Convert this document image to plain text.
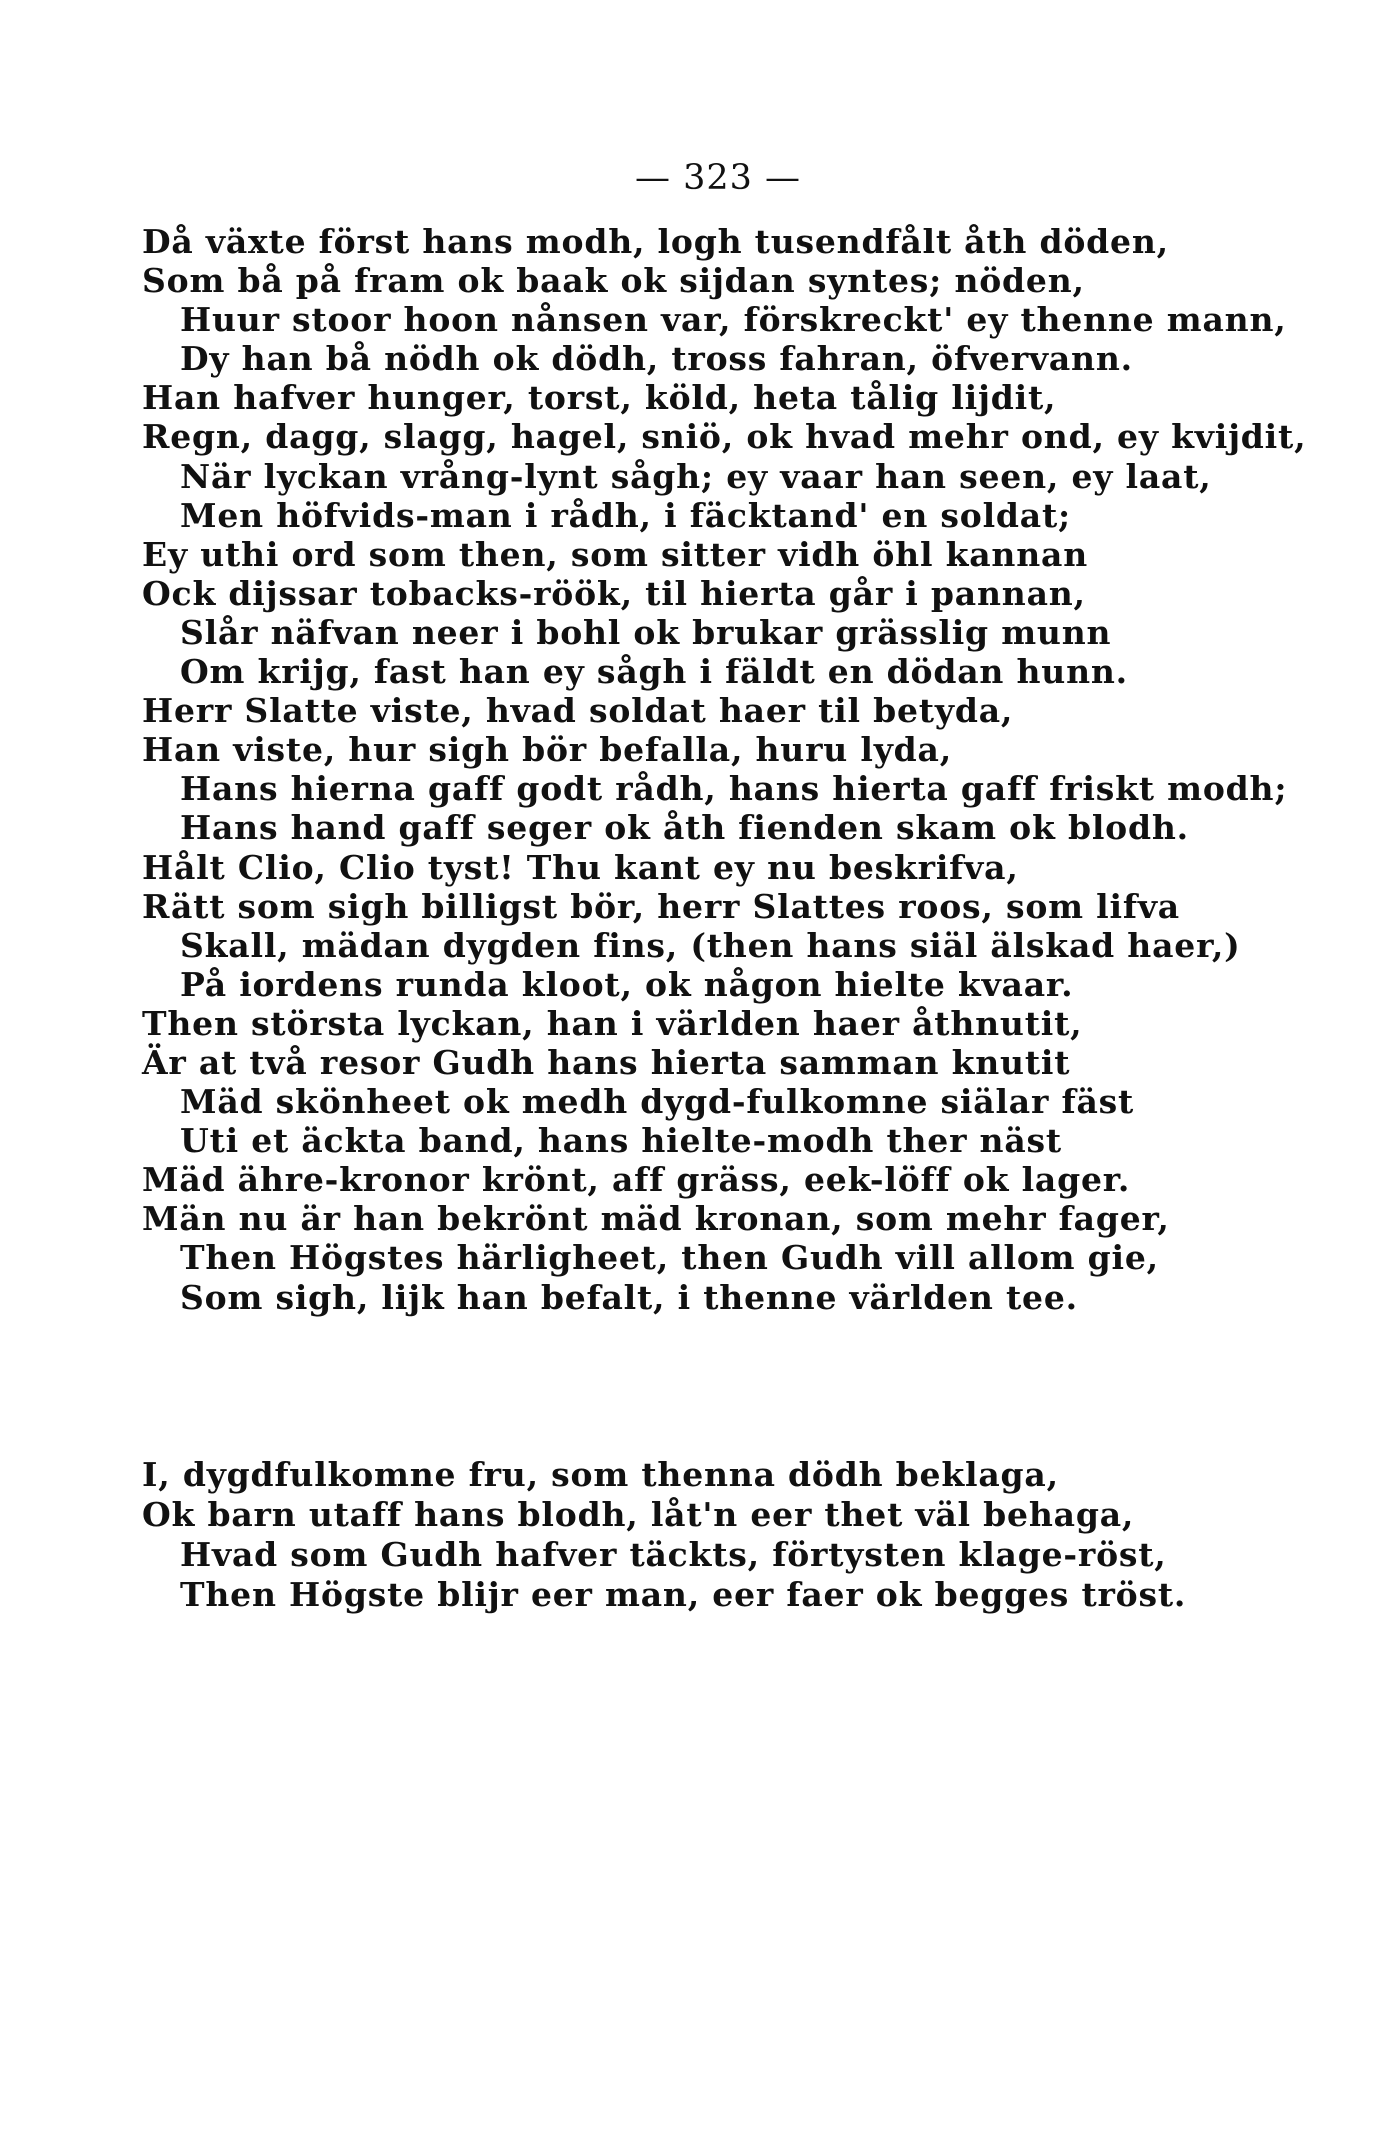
— 323 —
Då växte först hans modh, logh tusendfålt åth döden,
Som bå på fram ok baak ok sijdan syntes; nöden,
Huur stoor hoon nånsen var, förskreckt' ey thenne mann,
Dy han bå nödh ok dödh, tross fahran, öfvervann.
Han hafver hunger, torst, köld, heta tålig lijdit,
Regn, dagg, slagg, hagel, sniö, ok hvad mehr ond, ey kvijdit,
När lyckan vrång-lynt sågh; ey vaar han seen, ey laat,
Men höfvids-man i rådh, i fäcktand' en soldat;
Ey uthi ord som then, som sitter vidh öhl kannan
Ock dijssar tobacks-röök, til hierta går i pannan,
Slår näfvan neer i bohl ok brukar grässlig munn
Om krijg, fast han ey sågh i fäldt en dödan hunn.
Herr Slatte viste, hvad soldat haer til betyda,
Han viste, hur sigh bör befalla, huru lyda,
Hans hierna gaff godt rådh, hans hierta gaff friskt modh;
Hans hand gaff seger ok åth fienden skam ok blodh.
Hålt Clio, Clio tyst! Thu kant ey nu beskrifva,
Rätt som sigh billigst bör, herr Slattes roos, som lifva
Skall, mädan dygden fins, (then hans siäl älskad haer,)
På iordens runda kloot, ok någon hielte kvaar.
Then största lyckan, han i världen haer åthnutit,
Är at två resor Gudh hans hierta samman knutit
Mäd skönheet ok medh dygd-fulkomne siälar fäst
Uti et äckta band, hans hielte-modh ther näst
Mäd ähre-kronor krönt, aff gräss, eek-löff ok lager.
Män nu är han bekrönt mäd kronan, som mehr fager,
Then Högstes härligheet, then Gudh vill allom gie,
Som sigh, lijk han befalt, i thenne världen tee.
I, dygdfulkomne fru, som thenna dödh beklaga,
Ok barn utaff hans blodh, låt'n eer thet väl behaga,
Hvad som Gudh hafver täckts, förtysten klage-röst,
Then Högste blijr eer man, eer faer ok begges tröst.
